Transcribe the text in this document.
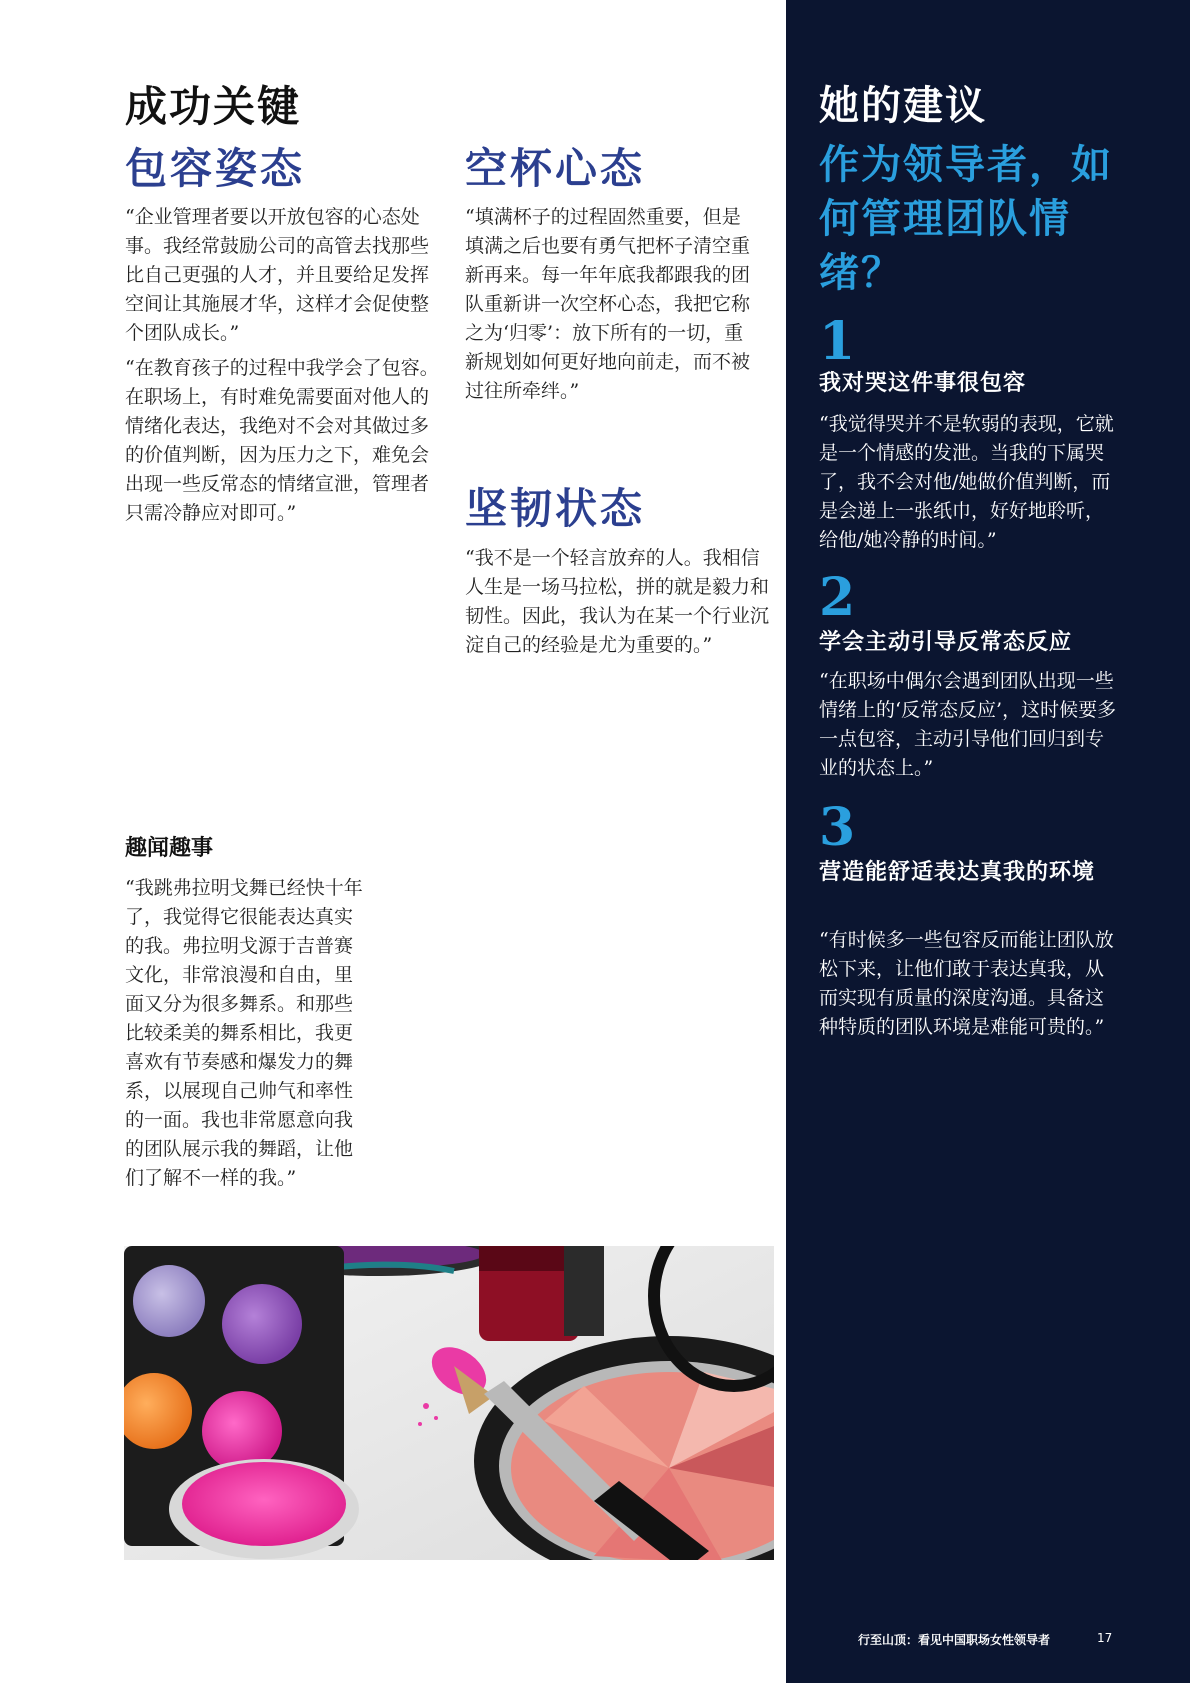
成功关键
包容姿态

“企业管理者要以开放包容的心态处事。我经常鼓励公司的高管去找那些比自己更强的人才，并且要给足发挥空间让其施展才华，这样才会促使整个团队成长。”

“在教育孩子的过程中我学会了包容。在职场上，有时难免需要面对他人的情绪化表达，我绝对不会对其做过多的价值判断，因为压力之下，难免会出现一些反常态的情绪宣泄，管理者只需冷静应对即可。”

空杯心态

“填满杯子的过程固然重要，但是填满之后也要有勇气把杯子清空重新再来。每一年年底我都跟我的团队重新讲一次空杯心态，我把它称之为‘归零’：放下所有的一切，重新规划如何更好地向前走，而不被过往所牵绊。”

坚韧状态

“我不是一个轻言放弃的人。我相信人生是一场马拉松，拼的就是毅力和韧性。因此，我认为在某一个行业沉淀自己的经验是尤为重要的。”

趣闻趣事

“我跳弗拉明戈舞已经快十年了，我觉得它很能表达真实的我。弗拉明戈源于吉普赛文化，非常浪漫和自由，里面又分为很多舞系。和那些比较柔美的舞系相比，我更喜欢有节奏感和爆发力的舞系，以展现自己帅气和率性的一面。我也非常愿意向我的团队展示我的舞蹈，让他们了解不一样的我。”

她的建议
作为领导者，如何管理团队情绪？
1
我对哭这件事很包容

“我觉得哭并不是软弱的表现，它就是一个情感的发泄。当我的下属哭了，我不会对他/她做价值判断，而是会递上一张纸巾，好好地聆听，给他/她冷静的时间。”

2
学会主动引导反常态反应

“在职场中偶尔会遇到团队出现一些情绪上的‘反常态反应’，这时候要多一点包容，主动引导他们回归到专业的状态上。”

3
营造能舒适表达真我的环境

“有时候多一些包容反而能让团队放松下来，让他们敢于表达真我，从而实现有质量的深度沟通。具备这种特质的团队环境是难能可贵的。”

行至山顶：看见中国职场女性领导者	17
